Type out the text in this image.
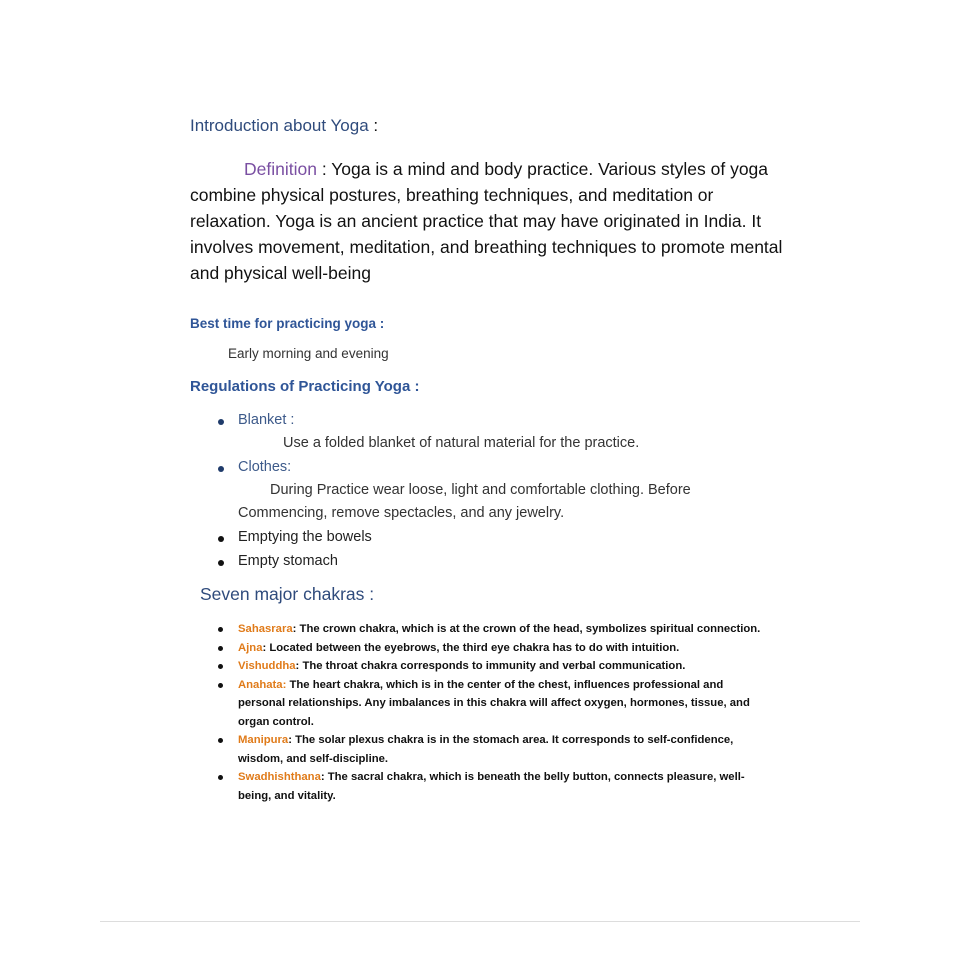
Introduction about Yoga :
Definition : Yoga is a mind and body practice. Various styles of yoga combine physical postures, breathing techniques, and meditation or relaxation. Yoga is an ancient practice that may have originated in India. It involves movement, meditation, and breathing techniques to promote mental and physical well-being
Best time for practicing yoga :
Early morning and evening
Regulations of Practicing Yoga :
Blanket :
Use a folded blanket of natural material for the practice.
Clothes:
During Practice wear loose, light and comfortable clothing. Before
Commencing, remove spectacles, and any jewelry.
Emptying the bowels
Empty stomach
Seven major chakras :
Sahasrara: The crown chakra, which is at the crown of the head, symbolizes spiritual connection.
Ajna: Located between the eyebrows, the third eye chakra has to do with intuition.
Vishuddha: The throat chakra corresponds to immunity and verbal communication.
Anahata: The heart chakra, which is in the center of the chest, influences professional and personal relationships. Any imbalances in this chakra will affect oxygen, hormones, tissue, and organ control.
Manipura: The solar plexus chakra is in the stomach area. It corresponds to self-confidence, wisdom, and self-discipline.
Swadhishthana: The sacral chakra, which is beneath the belly button, connects pleasure, well-being, and vitality.
